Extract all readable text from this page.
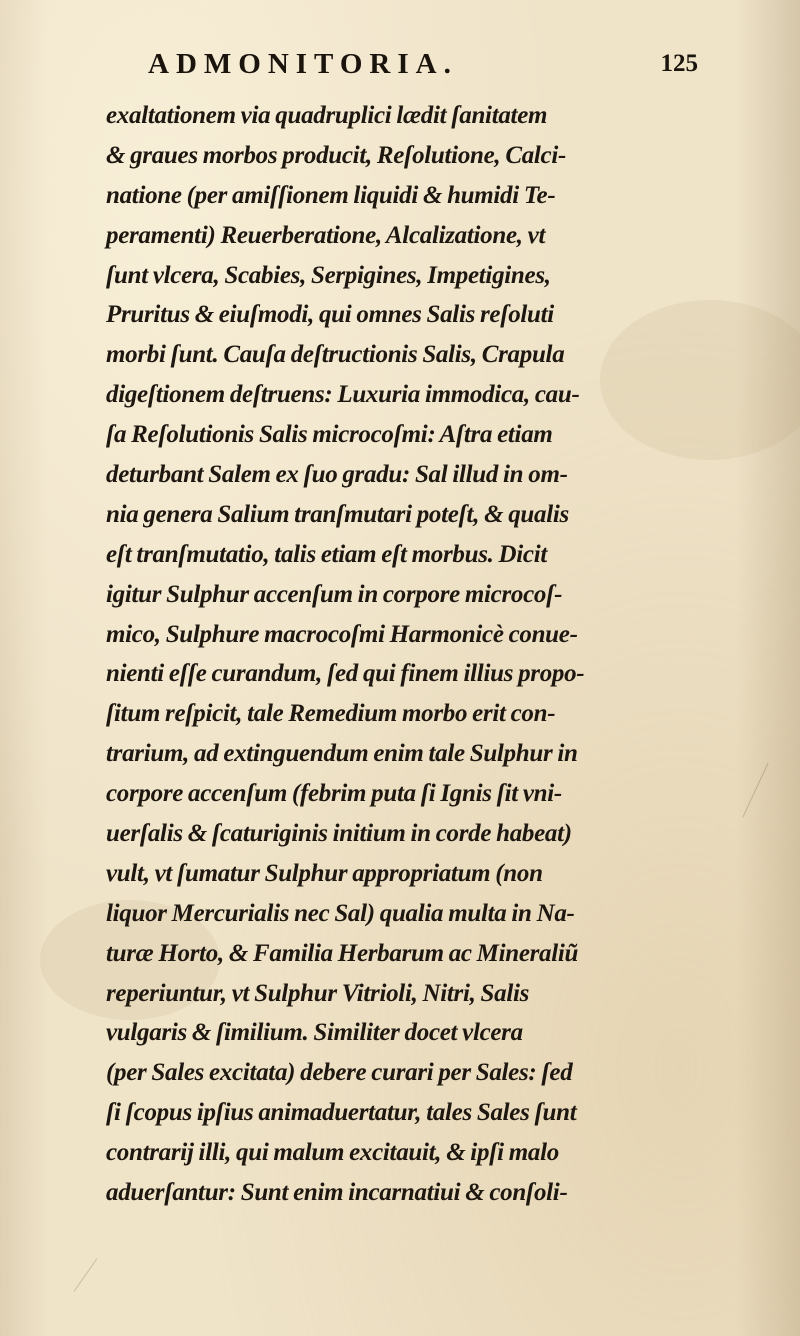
ADMONITORIA.	125
exaltationem via quadruplici lædit ſanitatem
& graues morbos producit, Reſolutione, Calci-
natione (per amiſſionem liquidi & humidi Te-
peramenti) Reuerberatione, Alcalizatione, vt
ſunt vlcera, Scabies, Serpigines, Impetigines,
Pruritus & eiuſmodi, qui omnes Salis reſoluti
morbi ſunt. Cauſa deſtructionis Salis, Crapula
digeſtionem deſtruens: Luxuria immodica, cau-
ſa Reſolutionis Salis microcoſmi: Aſtra etiam
deturbant Salem ex ſuo gradu: Sal illud in om-
nia genera Salium tranſmutari poteſt, & qualis
eſt tranſmutatio, talis etiam eſt morbus. Dicit
igitur Sulphur accenſum in corpore microcoſ-
mico, Sulphure macrocoſmi Harmonicè conue-
nienti eſſe curandum, ſed qui finem illius propo-
ſitum reſpicit, tale Remedium morbo erit con-
trarium, ad extinguendum enim tale Sulphur in
corpore accenſum (febrim puta ſi Ignis ſit vni-
uerſalis & ſcaturiginis initium in corde habeat)
vult, vt ſumatur Sulphur appropriatum (non
liquor Mercurialis nec Sal) qualia multa in Na-
turæ Horto, & Familia Herbarum ac Mineraliũ
reperiuntur, vt Sulphur Vitrioli, Nitri, Salis
vulgaris & ſimilium. Similiter docet vlcera
(per Sales excitata) debere curari per Sales: ſed
ſi ſcopus ipſius animaduertatur, tales Sales ſunt
contrarij illi, qui malum excitauit, & ipſi malo
aduerſantur: Sunt enim incarnatiui & conſoli-
